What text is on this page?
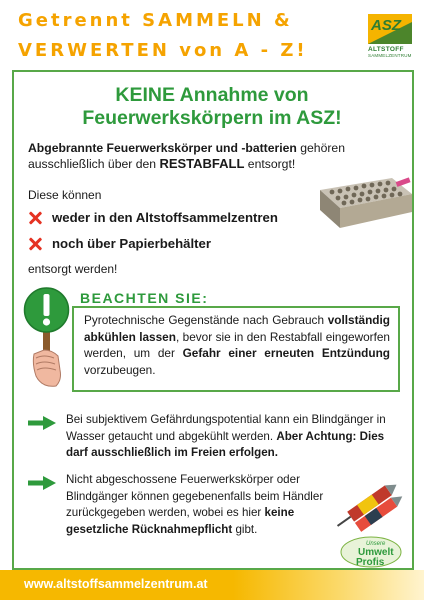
Getrennt SAMMELN &
VERWERTEN von A - Z!
ASZ
ALTSTOFF
SAMMELZENTRUM
KEINE Annahme von
Feuerwerkskörpern im ASZ!
Abgebrannte Feuerwerkskörper und -batterien gehören ausschließlich über den RESTABFALL entsorgt!
Diese können
weder in den Altstoffsammelzentren
noch über Papierbehälter
entsorgt werden!
BEACHTEN SIE:
Pyrotechnische Gegenstände nach Gebrauch vollständig abkühlen lassen, bevor sie in den Restabfall eingeworfen werden, um der Gefahr einer erneuten Entzündung vorzubeugen.
Bei subjektivem Gefährdungspotential kann ein Blindgänger in Wasser getaucht und abgekühlt werden. Aber Achtung: Dies darf ausschließlich im Freien erfolgen.
Nicht abgeschossene Feuerwerkskörper oder Blindgänger können gegebenenfalls beim Händler zurückgegeben werden, wobei es hier keine gesetzliche Rücknahmepflicht gibt.
Unsere
Umwelt
Profis
www.altstoffsammelzentrum.at
